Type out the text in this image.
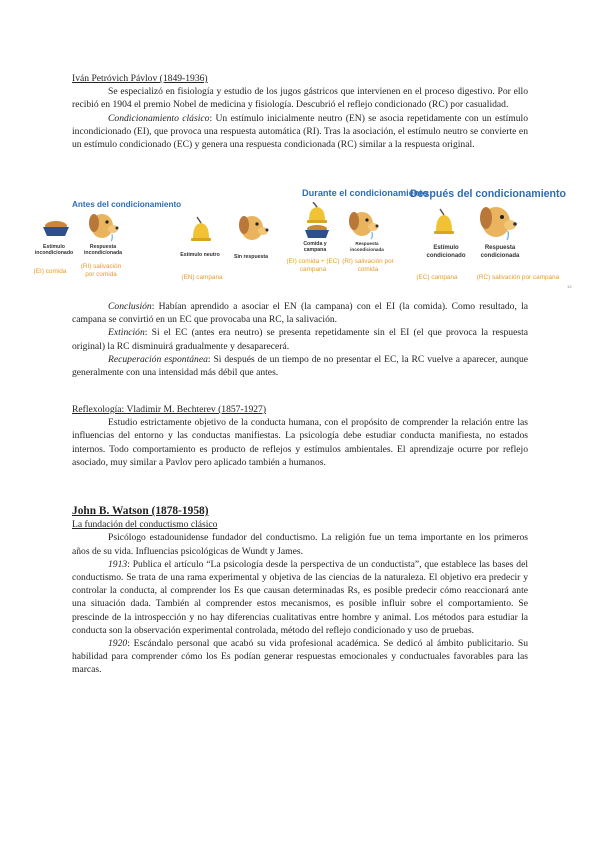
Iván Petróvich Pávlov (1849-1936)

Se especializó en fisiología y estudio de los jugos gástricos que intervienen en el proceso digestivo. Por ello recibió en 1904 el premio Nobel de medicina y fisiología. Descubrió el reflejo condicionado (RC) por casualidad.

Condicionamiento clásico: Un estímulo inicialmente neutro (EN) se asocia repetidamente con un estímulo incondicionado (EI), que provoca una respuesta automática (RI). Tras la asociación, el estímulo neutro se convierte en un estímulo condicionado (EC) y genera una respuesta condicionada (RC) similar a la respuesta original.

Antes del condicionamiento
Durante el condicionamiento
Después del condicionamiento
Estímulo incondicionado
Respuesta incondicionada
(EI) comida
(RI) salivación por comida
Estímulo neutro	Sin respuesta
(EN) campana
Comida y campana
Respuesta incondicionada
(EI) comida + (EC) campana
(RI) salivación por comida
Estímulo condicionado
Respuesta condicionada
(EC) campana	(RC) salivación por campana
13

Conclusión: Habían aprendido a asociar el EN (la campana) con el EI (la comida). Como resultado, la campana se convirtió en un EC que provocaba una RC, la salivación.

Extinción: Si el EC (antes era neutro) se presenta repetidamente sin el EI (el que provoca la respuesta original) la RC disminuirá gradualmente y desaparecerá.

Recuperación espontánea: Si después de un tiempo de no presentar el EC, la RC vuelve a aparecer, aunque generalmente con una intensidad más débil que antes.

Reflexología: Vladimir M. Bechterev (1857-1927)

Estudio estrictamente objetivo de la conducta humana, con el propósito de comprender la relación entre las influencias del entorno y las conductas manifiestas. La psicología debe estudiar conducta manifiesta, no estados internos. Todo comportamiento es producto de reflejos y estímulos ambientales. El aprendizaje ocurre por reflejo asociado, muy similar a Pavlov pero aplicado también a humanos.

John B. Watson (1878-1958)

La fundación del conductismo clásico

Psicólogo estadounidense fundador del conductismo. La religión fue un tema importante en los primeros años de su vida. Influencias psicológicas de Wundt y James.

1913: Publica el artículo “La psicología desde la perspectiva de un conductista”, que establece las bases del conductismo. Se trata de una rama experimental y objetiva de las ciencias de la naturaleza. El objetivo era predecir y controlar la conducta, al comprender los Es que causan determinadas Rs, es posible predecir cómo reaccionará ante una situación dada. También al comprender estos mecanismos, es posible influir sobre el comportamiento. Se prescinde de la introspección y no hay diferencias cualitativas entre hombre y animal. Los métodos para estudiar la conducta son la observación experimental controlada, método del reflejo condicionado y uso de pruebas.

1920: Escándalo personal que acabó su vida profesional académica. Se dedicó al ámbito publicitario. Su habilidad para comprender cómo los Es podían generar respuestas emocionales y conductuales favorables para las marcas.
